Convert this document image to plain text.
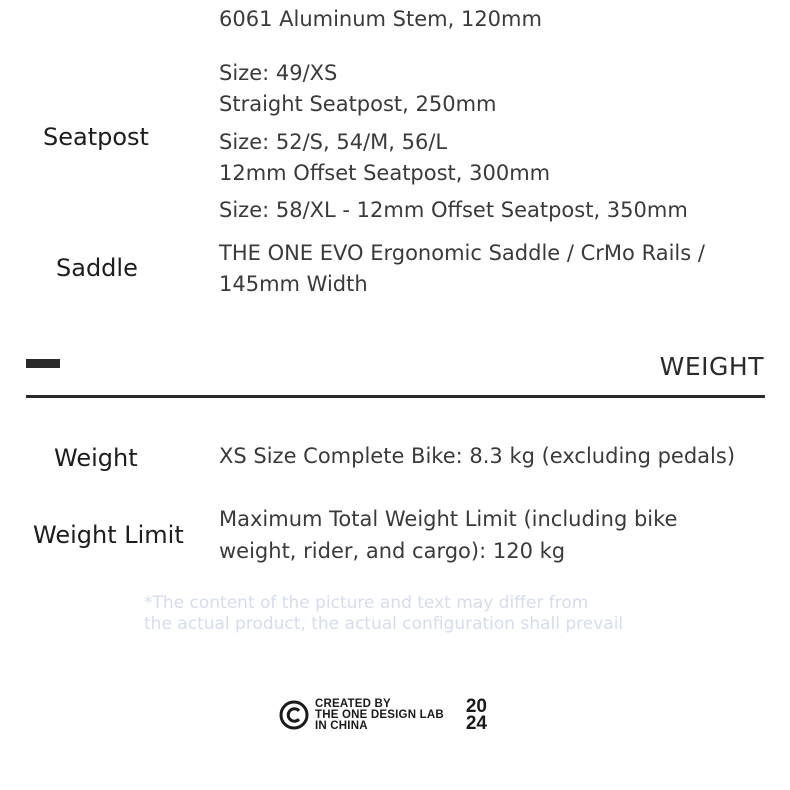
6061 Aluminum Stem, 120mm
Seatpost
Size: 49/XS
Straight Seatpost, 250mm
Size: 52/S, 54/M, 56/L
12mm Offset Seatpost, 300mm
Size: 58/XL - 12mm Offset Seatpost, 350mm
Saddle
THE ONE EVO Ergonomic Saddle / CrMo Rails /
145mm Width
WEIGHT
Weight	XS Size Complete Bike: 8.3 kg (excluding pedals)
Weight Limit
Maximum Total Weight Limit (including bike
weight, rider, and cargo): 120 kg
*The content of the picture and text may differ from
the actual product, the actual configuration shall prevail
CREATED BY
THE ONE DESIGN LAB
IN CHINA
20
24
